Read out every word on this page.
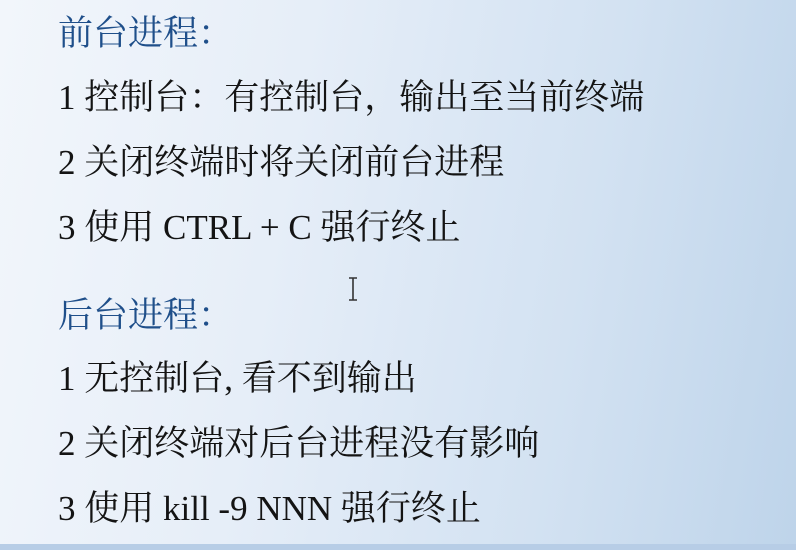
前台进程：
1 控制台：有控制台，输出至当前终端
2 关闭终端时将关闭前台进程
3 使用 CTRL + C 强行终止
后台进程：
1 无控制台, 看不到输出
2 关闭终端对后台进程没有影响
3 使用 kill -9 NNN 强行终止
